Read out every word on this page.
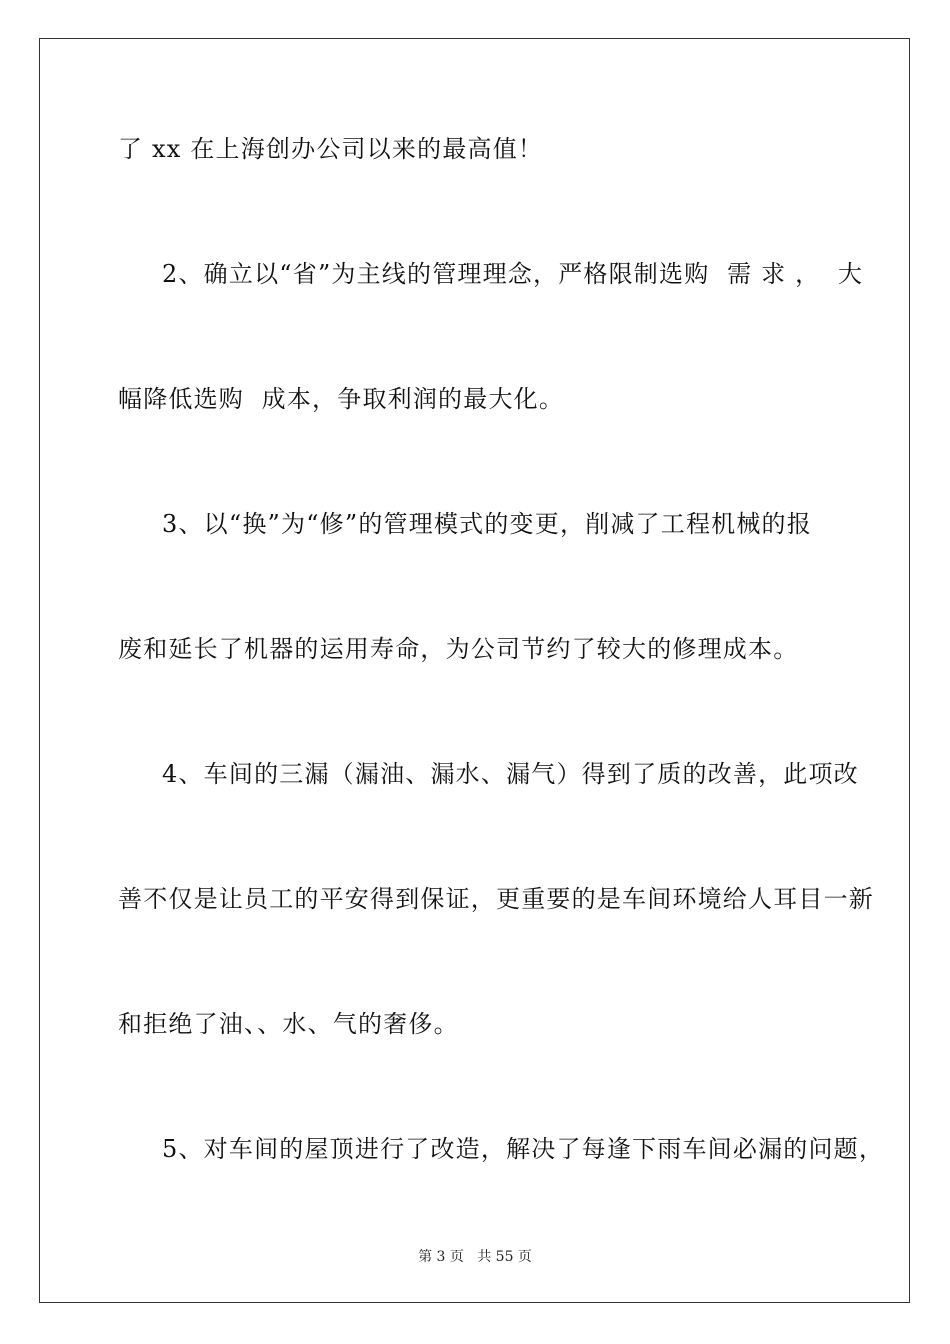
了 xx 在上海创办公司以来的最高值！
2、确立以“省”为主线的管理理念，严格限制选购  需 求 ，  大
幅降低选购  成本，争取利润的最大化。
3、以“换”为“修”的管理模式的变更，削减了工程机械的报
废和延长了机器的运用寿命，为公司节约了较大的修理成本。
4、车间的三漏（漏油、漏水、漏气）得到了质的改善，此项改
善不仅是让员工的平安得到保证，更重要的是车间环境给人耳目一新
和拒绝了油、、水、气的奢侈。
5、对车间的屋顶进行了改造，解决了每逢下雨车间必漏的问题，
第 3 页   共 55 页
